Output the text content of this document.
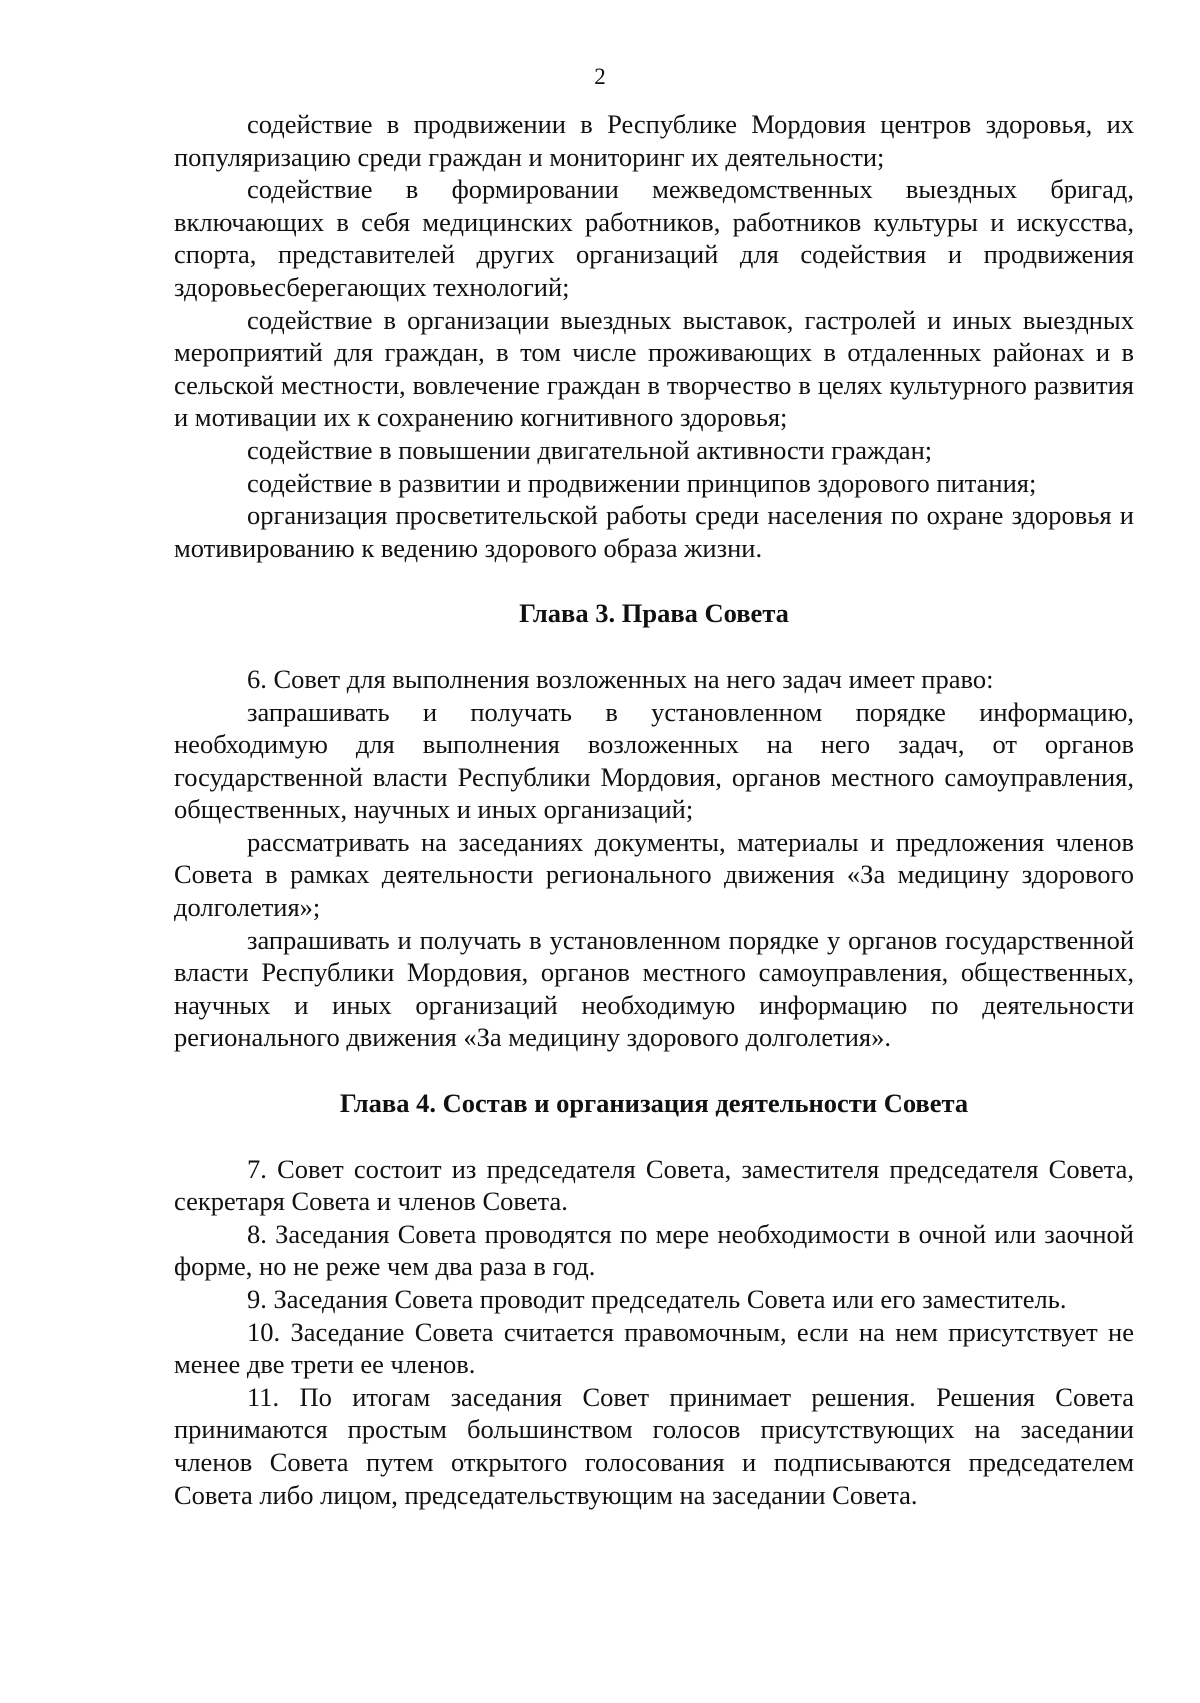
2

содействие в продвижении в Республике Мордовия центров здоровья, их популяризацию среди граждан и мониторинг их деятельности;

содействие в формировании межведомственных выездных бригад, включающих в себя медицинских работников, работников культуры и искусства, спорта, представителей других организаций для содействия и продвижения здоровьесберегающих технологий;

содействие в организации выездных выставок, гастролей и иных выездных мероприятий для граждан, в том числе проживающих в отдаленных районах и в сельской местности, вовлечение граждан в творчество в целях культурного развития и мотивации их к сохранению когнитивного здоровья;

содействие в повышении двигательной активности граждан;

содействие в развитии и продвижении принципов здорового питания;

организация просветительской работы среди населения по охране здоровья и мотивированию к ведению здорового образа жизни.

Глава 3. Права Совета

6. Совет для выполнения возложенных на него задач имеет право:

запрашивать и получать в установленном порядке информацию, необходимую для выполнения возложенных на него задач, от органов государственной власти Республики Мордовия, органов местного самоуправления, общественных, научных и иных организаций;

рассматривать на заседаниях документы, материалы и предложения членов Совета в рамках деятельности регионального движения «За медицину здорового долголетия»;

запрашивать и получать в установленном порядке у органов государственной власти Республики Мордовия, органов местного самоуправления, общественных, научных и иных организаций необходимую информацию по деятельности регионального движения «За медицину здорового долголетия».

Глава 4. Состав и организация деятельности Совета

7. Совет состоит из председателя Совета, заместителя председателя Совета, секретаря Совета и членов Совета.

8. Заседания Совета проводятся по мере необходимости в очной или заочной форме, но не реже чем два раза в год.

9. Заседания Совета проводит председатель Совета или его заместитель.

10. Заседание Совета считается правомочным, если на нем присутствует не менее две трети ее членов.

11. По итогам заседания Совет принимает решения. Решения Совета принимаются простым большинством голосов присутствующих на заседании членов Совета путем открытого голосования и подписываются председателем Совета либо лицом, председательствующим на заседании Совета.
